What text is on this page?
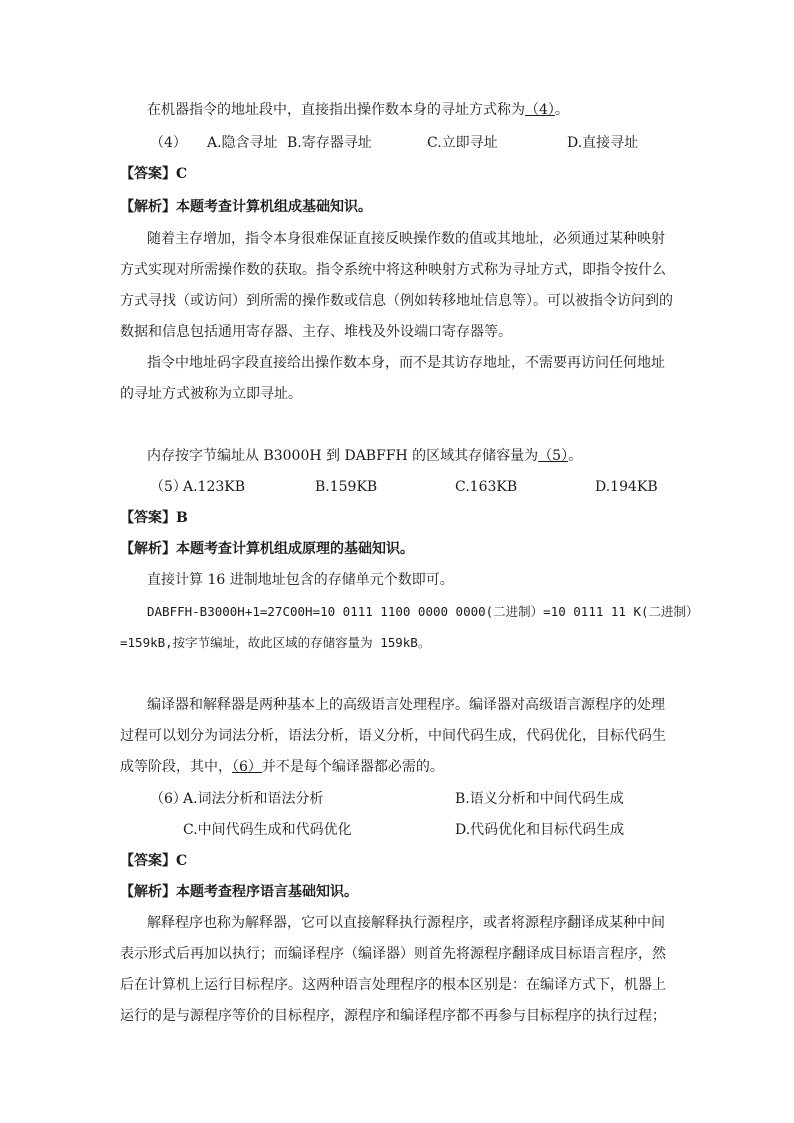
在机器指令的地址段中，直接指出操作数本身的寻址方式称为（4）。
（4） A.隐含寻址 B.寄存器寻址	C.立即寻址	D.直接寻址
【答案】C
【解析】本题考查计算机组成基础知识。
随着主存增加，指令本身很难保证直接反映操作数的值或其地址，必须通过某种映射
方式实现对所需操作数的获取。指令系统中将这种映射方式称为寻址方式，即指令按什么
方式寻找（或访问）到所需的操作数或信息（例如转移地址信息等）。可以被指令访问到的
数据和信息包括通用寄存器、主存、堆栈及外设端口寄存器等。
指令中地址码字段直接给出操作数本身，而不是其访存地址，不需要再访问任何地址
的寻址方式被称为立即寻址。
内存按字节编址从 B3000H 到 DABFFH 的区域其存储容量为（5）。
（5）
A.123KB	B.159KB	C.163KB	D.194KB
【答案】B
【解析】本题考查计算机组成原理的基础知识。
直接计算 16 进制地址包含的存储单元个数即可。
DABFFH-B3000H+1=27C00H=10 0111 1100 0000 0000(二进制）=10 0111 11 K(二进制）
=159kB,按字节编址，故此区域的存储容量为 159kB。
编译器和解释器是两种基本上的高级语言处理程序。编译器对高级语言源程序的处理
过程可以划分为词法分析，语法分析，语义分析，中间代码生成，代码优化，目标代码生
成等阶段，其中，（6）并不是每个编译器都必需的。
（6）
A.词法分析和语法分析	B.语义分析和中间代码生成
C.中间代码生成和代码优化	D.代码优化和目标代码生成
【答案】C
【解析】本题考查程序语言基础知识。
解释程序也称为解释器，它可以直接解释执行源程序，或者将源程序翻译成某种中间
表示形式后再加以执行；而编译程序（编译器）则首先将源程序翻译成目标语言程序，然
后在计算机上运行目标程序。这两种语言处理程序的根本区别是：在编译方式下，机器上
运行的是与源程序等价的目标程序，源程序和编译程序都不再参与目标程序的执行过程；
